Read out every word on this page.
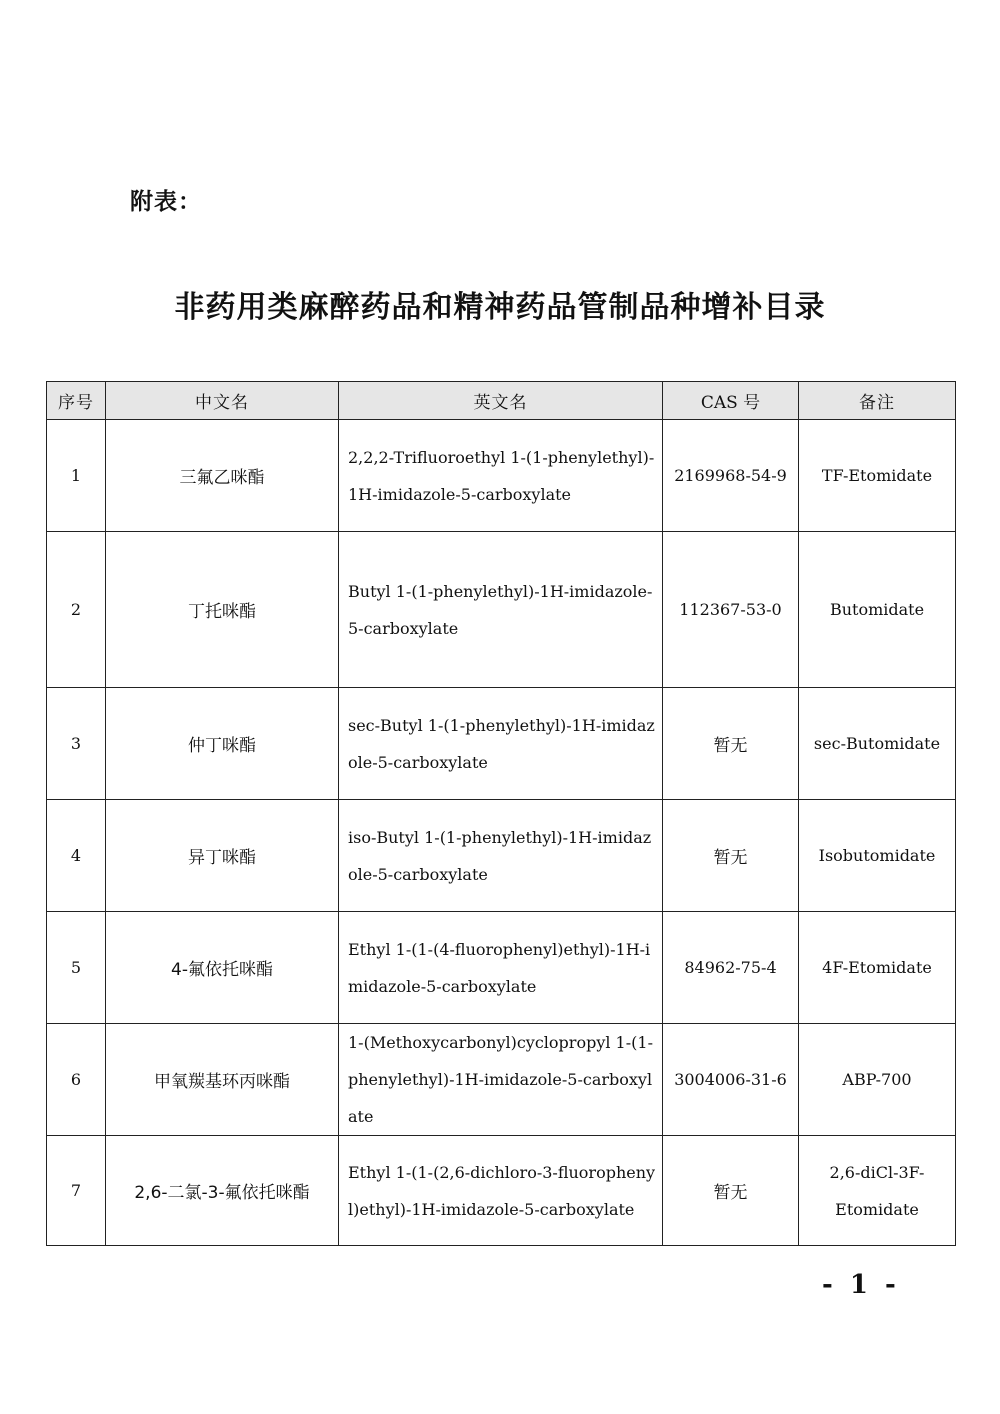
附表：
非药用类麻醉药品和精神药品管制品种增补目录
序号	中文名	英文名	CAS 号	备注
1	三氟乙咪酯	2,2,2-Trifluoroethyl 1-(1-phenylethyl)-1H-imidazole-5-carboxylate	2169968-54-9	TF-Etomidate
2	丁托咪酯	Butyl 1-(1-phenylethyl)-1H-imidazole-5-carboxylate	112367-53-0	Butomidate
3	仲丁咪酯	sec-Butyl 1-(1-phenylethyl)-1H-imidazole-5-carboxylate	暂无	sec-Butomidate
4	异丁咪酯	iso-Butyl 1-(1-phenylethyl)-1H-imidazole-5-carboxylate	暂无	Isobutomidate
5	4-氟依托咪酯	Ethyl 1-(1-(4-fluorophenyl)ethyl)-1H-imidazole-5-carboxylate	84962-75-4	4F-Etomidate
6	甲氧羰基环丙咪酯	1-(Methoxycarbonyl)cyclopropyl 1-(1-phenylethyl)-1H-imidazole-5-carboxylate	3004006-31-6	ABP-700
7	2,6-二氯-3-氟依托咪酯	Ethyl 1-(1-(2,6-dichloro-3-fluorophenyl)ethyl)-1H-imidazole-5-carboxylate	暂无	2,6-diCl-3F-Etomidate
- 1 -
